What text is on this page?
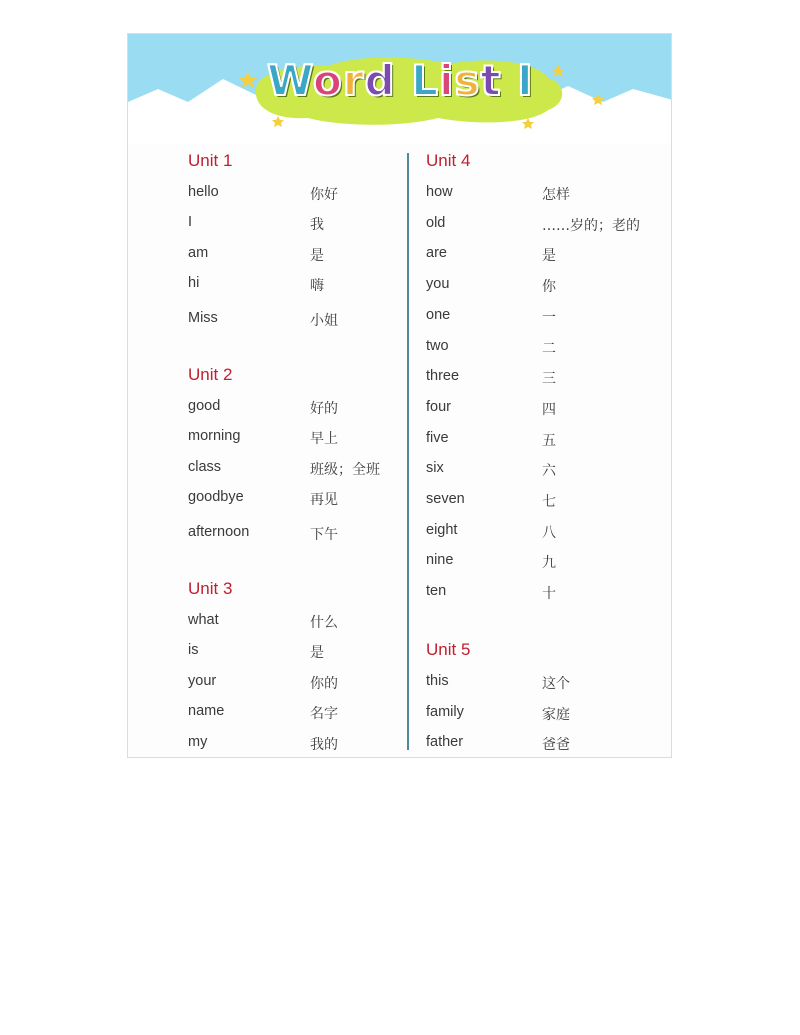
Word List I
Unit 1
hello	你好
I	我
am	是
hi	嗨
Miss	小姐
Unit 2
good	好的
morning	早上
class	班级；全班
goodbye	再见
afternoon	下午
Unit 3
what	什么
is	是
your	你的
name	名字
my	我的
Unit 4
how	怎样
old	……岁的；老的
are	是
you	你
one	一
two	二
three	三
four	四
five	五
six	六
seven	七
eight	八
nine	九
ten	十
Unit 5
this	这个
family	家庭
father	爸爸
